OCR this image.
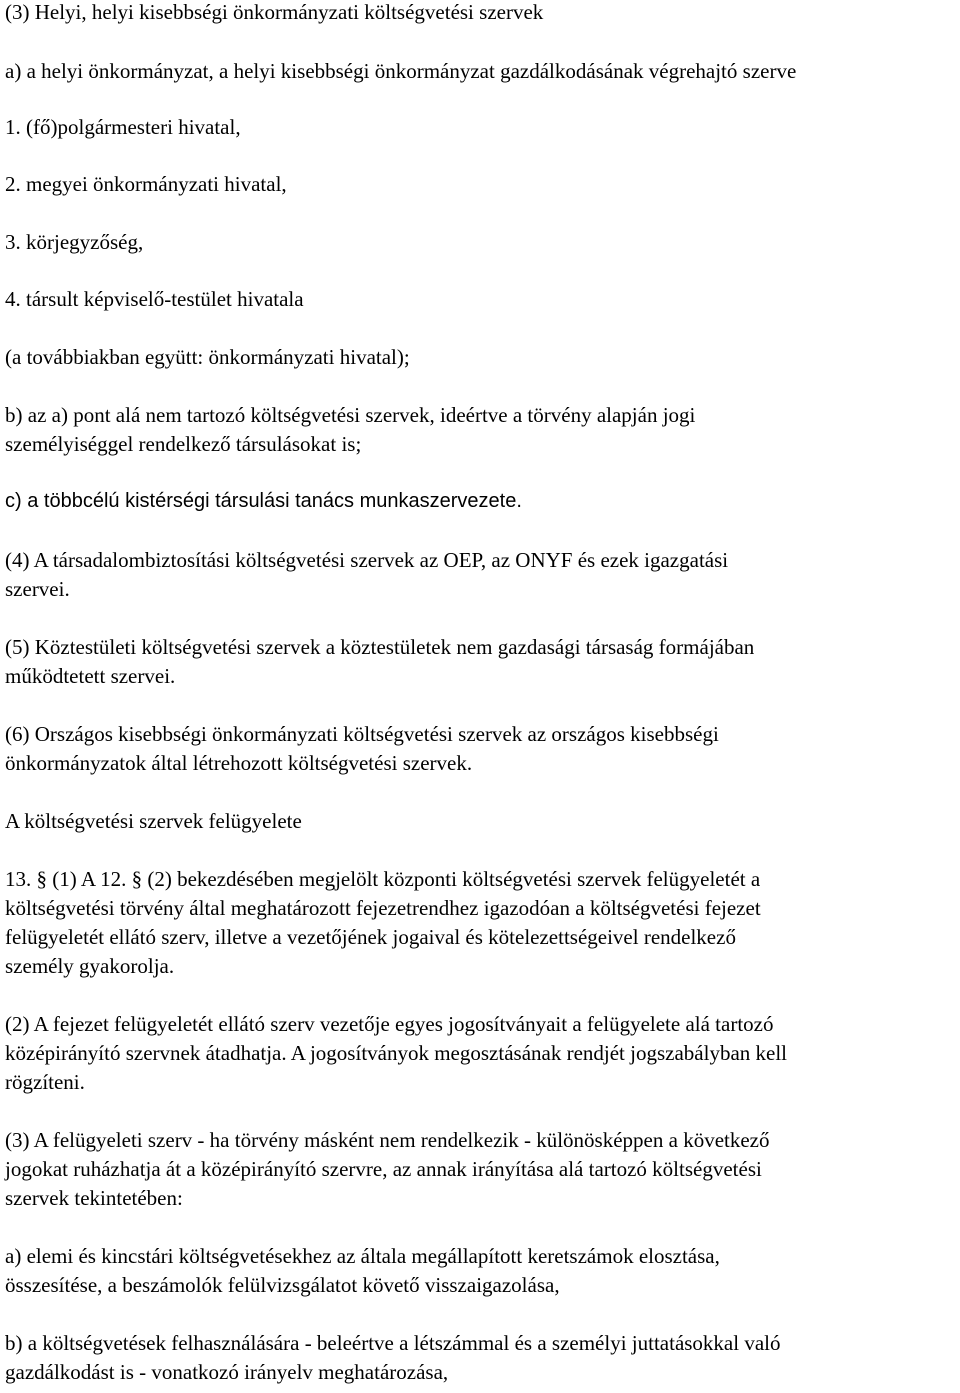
(3) Helyi, helyi kisebbségi önkormányzati költségvetési szervek
a) a helyi önkormányzat, a helyi kisebbségi önkormányzat gazdálkodásának végrehajtó szerve
1. (fő)polgármesteri hivatal,
2. megyei önkormányzati hivatal,
3. körjegyzőség,
4. társult képviselő-testület hivatala
(a továbbiakban együtt: önkormányzati hivatal);
b) az a) pont alá nem tartozó költségvetési szervek, ideértve a törvény alapján jogi
személyiséggel rendelkező társulásokat is;
c) a többcélú kistérségi társulási tanács munkaszervezete.
(4) A társadalombiztosítási költségvetési szervek az OEP, az ONYF és ezek igazgatási
szervei.
(5) Köztestületi költségvetési szervek a köztestületek nem gazdasági társaság formájában
működtetett szervei.
(6) Országos kisebbségi önkormányzati költségvetési szervek az országos kisebbségi
önkormányzatok által létrehozott költségvetési szervek.
A költségvetési szervek felügyelete
13. § (1) A 12. § (2) bekezdésében megjelölt központi költségvetési szervek felügyeletét a
költségvetési törvény által meghatározott fejezetrendhez igazodóan a költségvetési fejezet
felügyeletét ellátó szerv, illetve a vezetőjének jogaival és kötelezettségeivel rendelkező
személy gyakorolja.
(2) A fejezet felügyeletét ellátó szerv vezetője egyes jogosítványait a felügyelete alá tartozó
középirányító szervnek átadhatja. A jogosítványok megosztásának rendjét jogszabályban kell
rögzíteni.
(3) A felügyeleti szerv - ha törvény másként nem rendelkezik - különösképpen a következő
jogokat ruházhatja át a középirányító szervre, az annak irányítása alá tartozó költségvetési
szervek tekintetében:
a) elemi és kincstári költségvetésekhez az általa megállapított keretszámok elosztása,
összesítése, a beszámolók felülvizsgálatot követő visszaigazolása,
b) a költségvetések felhasználására - beleértve a létszámmal és a személyi juttatásokkal való
gazdálkodást is - vonatkozó irányelv meghatározása,
